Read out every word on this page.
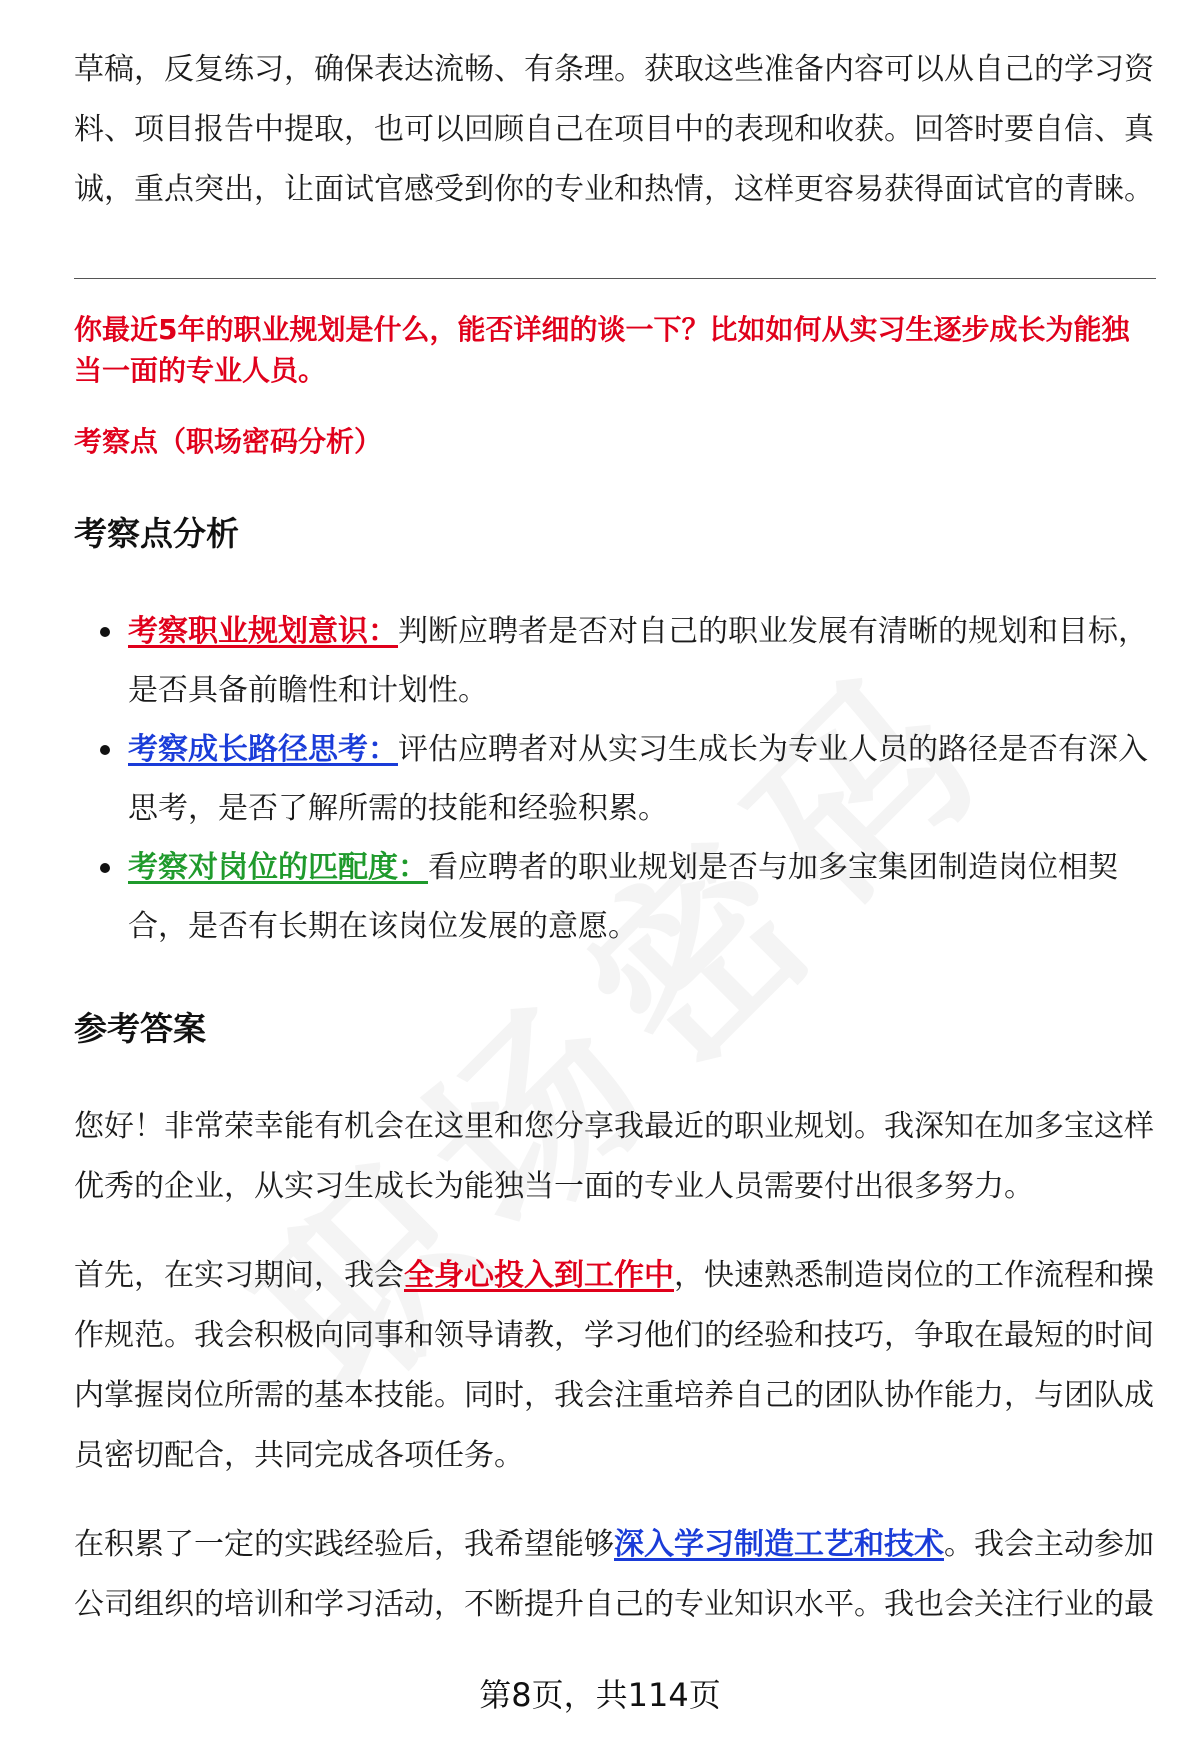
草稿，反复练习，确保表达流畅、有条理。获取这些准备内容可以从自己的学习资料、项目报告中提取，也可以回顾自己在项目中的表现和收获。回答时要自信、真诚，重点突出，让面试官感受到你的专业和热情，这样更容易获得面试官的青睐。

你最近5年的职业规划是什么，能否详细的谈一下？比如如何从实习生逐步成长为能独当一面的专业人员。

考察点（职场密码分析）

考察点分析
考察职业规划意识：判断应聘者是否对自己的职业发展有清晰的规划和目标，是否具备前瞻性和计划性。
考察成长路径思考：评估应聘者对从实习生成长为专业人员的路径是否有深入思考，是否了解所需的技能和经验积累。
考察对岗位的匹配度：看应聘者的职业规划是否与加多宝集团制造岗位相契合，是否有长期在该岗位发展的意愿。
参考答案

您好！非常荣幸能有机会在这里和您分享我最近的职业规划。我深知在加多宝这样优秀的企业，从实习生成长为能独当一面的专业人员需要付出很多努力。

首先，在实习期间，我会全身心投入到工作中，快速熟悉制造岗位的工作流程和操作规范。我会积极向同事和领导请教，学习他们的经验和技巧，争取在最短的时间内掌握岗位所需的基本技能。同时，我会注重培养自己的团队协作能力，与团队成员密切配合，共同完成各项任务。

在积累了一定的实践经验后，我希望能够深入学习制造工艺和技术。我会主动参加公司组织的培训和学习活动，不断提升自己的专业知识水平。我也会关注行业的最

第8页，共114页
